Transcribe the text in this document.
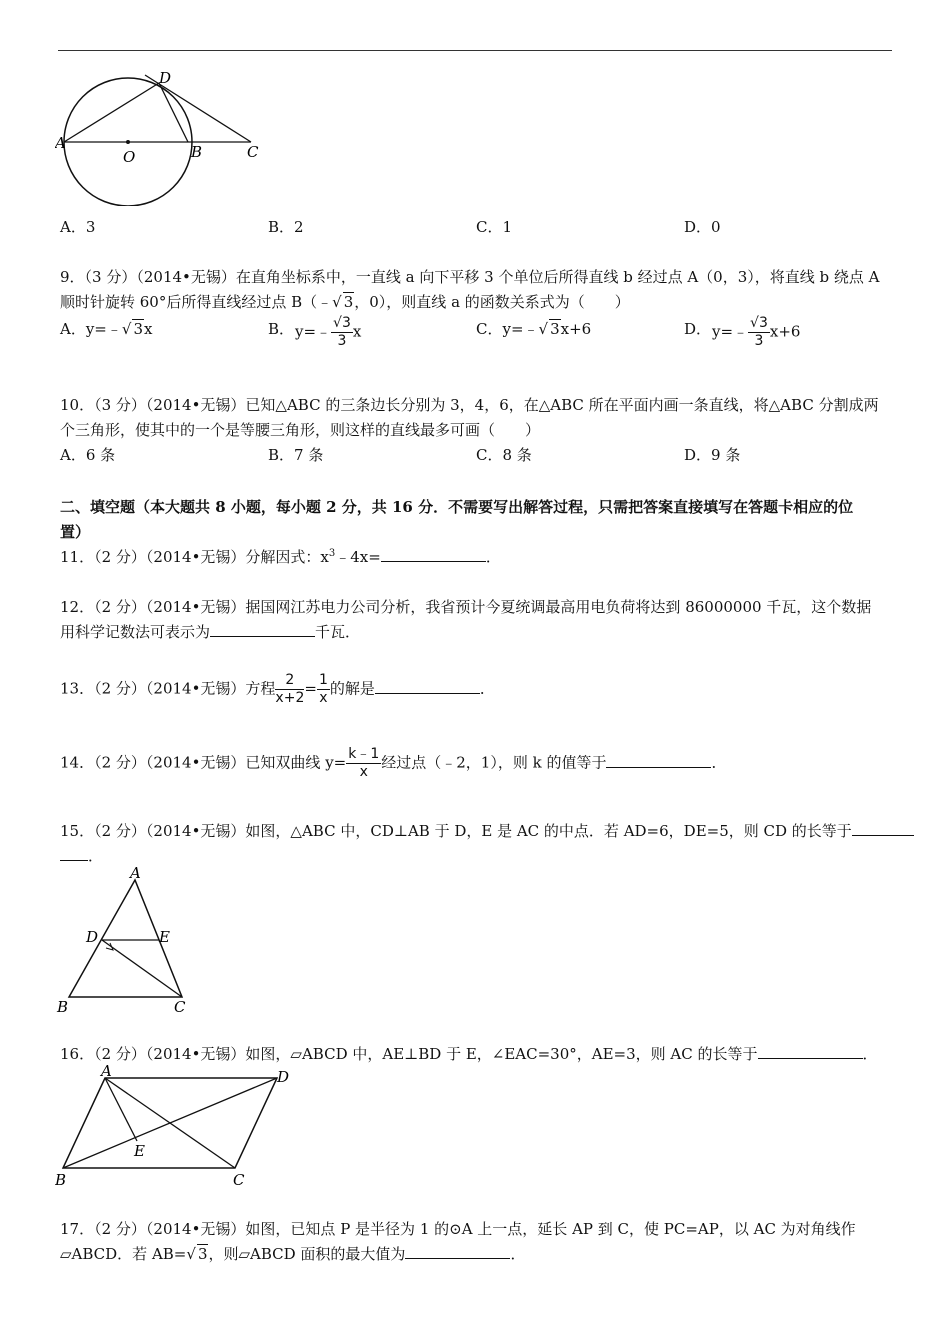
A
O	B	C
D
A．3	B．2	C．1	D．0
9．（3 分）（2014•无锡）在直角坐标系中，一直线 a 向下平移 3 个单位后所得直线 b 经过点 A（0，3），将直线 b 绕点 A
顺时针旋转 60°后所得直线经过点 B（﹣√ 3，0），则直线 a 的函数关系式为（　　）
A．y=﹣√ 3x	B． y=﹣ $\frac{√3}{3}$ x	C．y=﹣√ 3x+6	D． y=﹣ $\frac{√3}{3} x+6$
10．（3 分）（2014•无锡）已知△ABC 的三条边长分别为 3，4，6，在△ABC 所在平面内画一条直线，将△ABC 分割成两
个三角形，使其中的一个是等腰三角形，则这样的直线最多可画（　　）
A．6 条	B．7 条	C．8 条	D．9 条
二、填空题（本大题共 8 小题，每小题 2 分，共 16 分．不需要写出解答过程，只需把答案直接填写在答题卡相应的位
置）
11．（2 分）（2014•无锡）分解因式：$x^3﹣4x=$	．
12．（2 分）（2014•无锡）据国网江苏电力公司分析，我省预计今夏统调最高用电负荷将达到 86000000 千瓦，这个数据
用科学记数法可表示为	千瓦．
13．（2 分）（2014•无锡）方程 $\frac{2}{x+2} = \frac{1}{x}$ 的解是	．
14．（2 分）（2014•无锡）已知双曲线 $y= \frac{k﹣1}{x}$ 经过点（﹣2，1），则 k 的值等于	．
15．（2 分）（2014•无锡）如图，△ABC 中，CD⊥AB 于 D，E 是 AC 的中点．若 AD=6，DE=5，则 CD 的长等于
．
A
D	E
B	C
16．（2 分）（2014•无锡）如图，▱ABCD 中，AE⊥BD 于 E，∠EAC=30°，AE=3，则 AC 的长等于	．
A	D
E
B	C
17．（2 分）（2014•无锡）如图，已知点 P 是半径为 1 的⊙A 上一点，延长 AP 到 C，使 PC=AP，以 AC 为对角线作
▱ABCD．若 AB=√ 3，则▱ABCD 面积的最大值为	．
